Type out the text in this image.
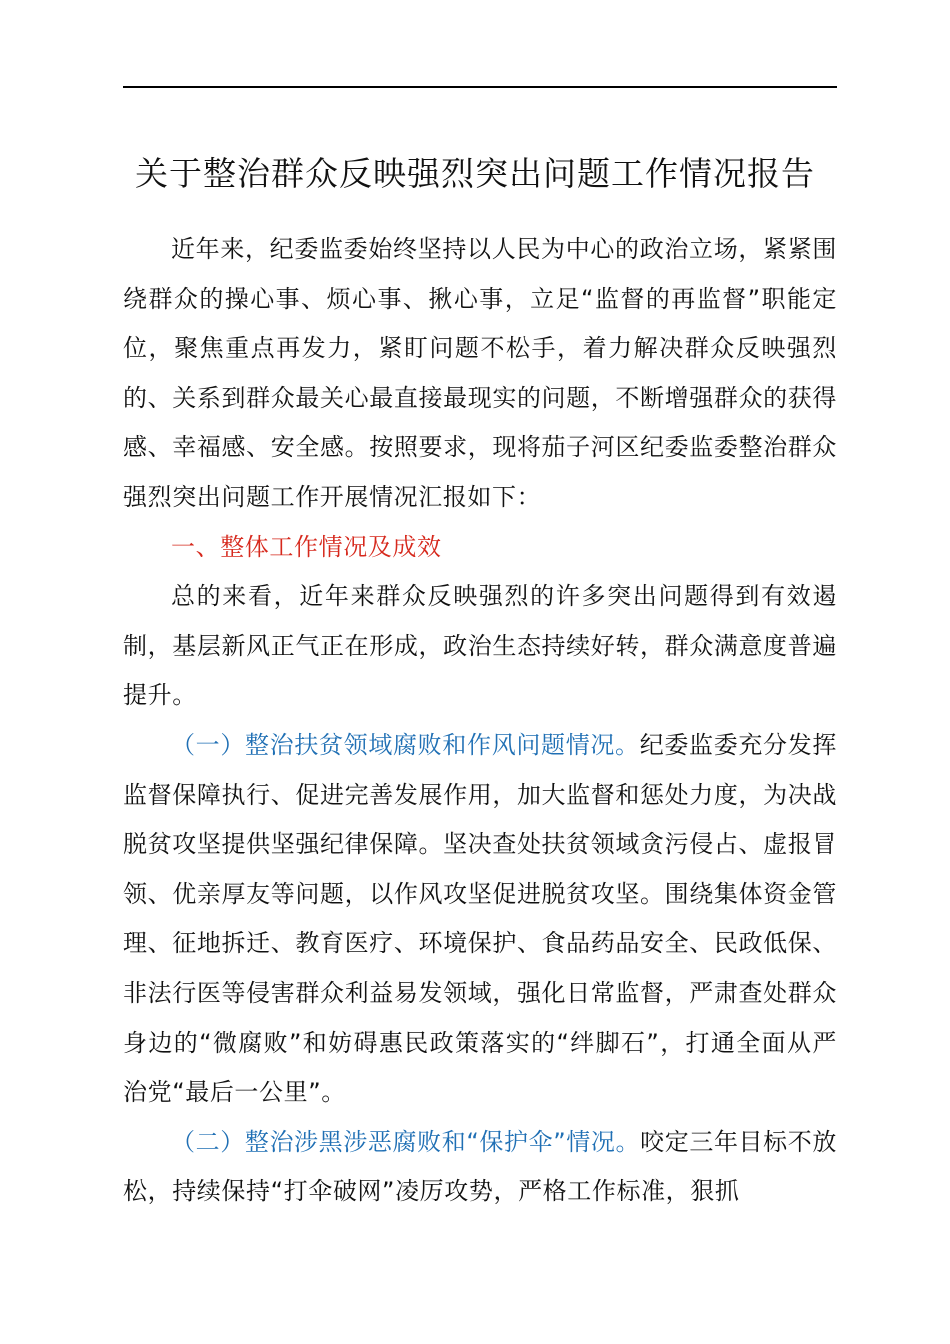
关于整治群众反映强烈突出问题工作情况报告

近年来，纪委监委始终坚持以人民为中心的政治立场，紧紧围绕群众的操心事、烦心事、揪心事，立足“监督的再监督”职能定位，聚焦重点再发力，紧盯问题不松手，着力解决群众反映强烈的、关系到群众最关心最直接最现实的问题，不断增强群众的获得感、幸福感、安全感。按照要求，现将茄子河区纪委监委整治群众强烈突出问题工作开展情况汇报如下：

一、整体工作情况及成效

总的来看，近年来群众反映强烈的许多突出问题得到有效遏制，基层新风正气正在形成，政治生态持续好转，群众满意度普遍提升。

（一）整治扶贫领域腐败和作风问题情况。纪委监委充分发挥监督保障执行、促进完善发展作用，加大监督和惩处力度，为决战脱贫攻坚提供坚强纪律保障。坚决查处扶贫领域贪污侵占、虚报冒领、优亲厚友等问题，以作风攻坚促进脱贫攻坚。围绕集体资金管理、征地拆迁、教育医疗、环境保护、食品药品安全、民政低保、非法行医等侵害群众利益易发领域，强化日常监督，严肃查处群众身边的“微腐败”和妨碍惠民政策落实的“绊脚石”，打通全面从严治党“最后一公里”。

（二）整治涉黑涉恶腐败和“保护伞”情况。咬定三年目标不放松，持续保持“打伞破网”凌厉攻势，严格工作标准，狠抓
